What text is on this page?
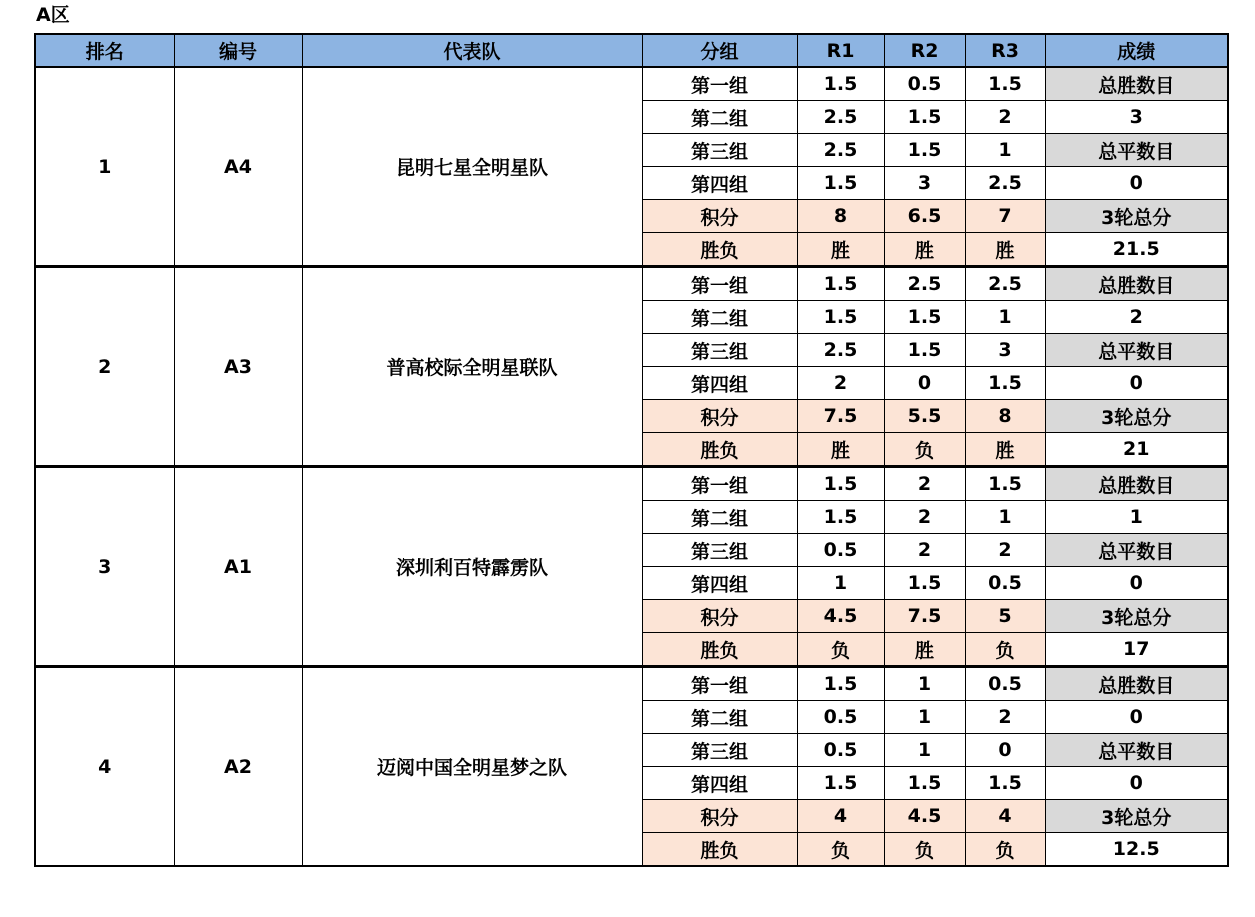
A区
排名	编号	代表队	分组	R1	R2	R3	成绩
1	A4	昆明七星全明星队	第一组	1.5	0.5	1.5	总胜数目
			第二组	2.5	1.5	2	3
			第三组	2.5	1.5	1	总平数目
			第四组	1.5	3	2.5	0
			积分	8	6.5	7	3轮总分
			胜负	胜	胜	胜	21.5
2	A3	普高校际全明星联队	第一组	1.5	2.5	2.5	总胜数目
			第二组	1.5	1.5	1	2
			第三组	2.5	1.5	3	总平数目
			第四组	2	0	1.5	0
			积分	7.5	5.5	8	3轮总分
			胜负	胜	负	胜	21
3	A1	深圳利百特霹雳队	第一组	1.5	2	1.5	总胜数目
			第二组	1.5	2	1	1
			第三组	0.5	2	2	总平数目
			第四组	1	1.5	0.5	0
			积分	4.5	7.5	5	3轮总分
			胜负	负	胜	负	17
4	A2	迈阅中国全明星梦之队	第一组	1.5	1	0.5	总胜数目
			第二组	0.5	1	2	0
			第三组	0.5	1	0	总平数目
			第四组	1.5	1.5	1.5	0
			积分	4	4.5	4	3轮总分
			胜负	负	负	负	12.5
